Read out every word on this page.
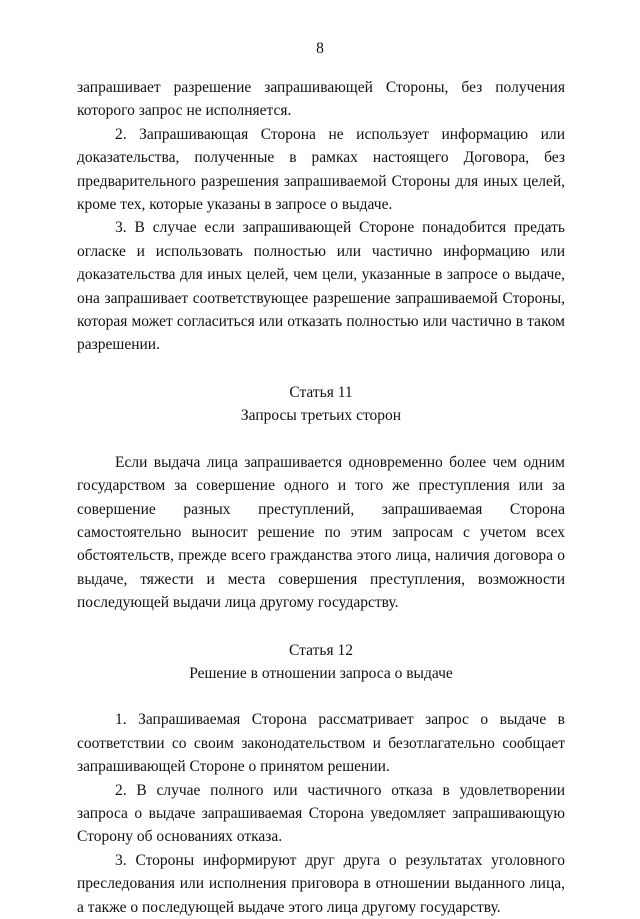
8

запрашивает разрешение запрашивающей Стороны, без получения которого запрос не исполняется.

2. Запрашивающая Сторона не использует информацию или доказательства, полученные в рамках настоящего Договора, без предварительного разрешения запрашиваемой Стороны для иных целей, кроме тех, которые указаны в запросе о выдаче.

3. В случае если запрашивающей Стороне понадобится предать огласке и использовать полностью или частично информацию или доказательства для иных целей, чем цели, указанные в запросе о выдаче, она запрашивает соответствующее разрешение запрашиваемой Стороны, которая может согласиться или отказать полностью или частично в таком разрешении.

Статья 11
Запросы третьих сторон

Если выдача лица запрашивается одновременно более чем одним государством за совершение одного и того же преступления или за совершение разных преступлений, запрашиваемая Сторона самостоятельно выносит решение по этим запросам с учетом всех обстоятельств, прежде всего гражданства этого лица, наличия договора о выдаче, тяжести и места совершения преступления, возможности последующей выдачи лица другому государству.

Статья 12
Решение в отношении запроса о выдаче

1. Запрашиваемая Сторона рассматривает запрос о выдаче в соответствии со своим законодательством и безотлагательно сообщает запрашивающей Стороне о принятом решении.

2. В случае полного или частичного отказа в удовлетворении запроса о выдаче запрашиваемая Сторона уведомляет запрашивающую Сторону об основаниях отказа.

3. Стороны информируют друг друга о результатах уголовного преследования или исполнения приговора в отношении выданного лица, а также о последующей выдаче этого лица другому государству.
